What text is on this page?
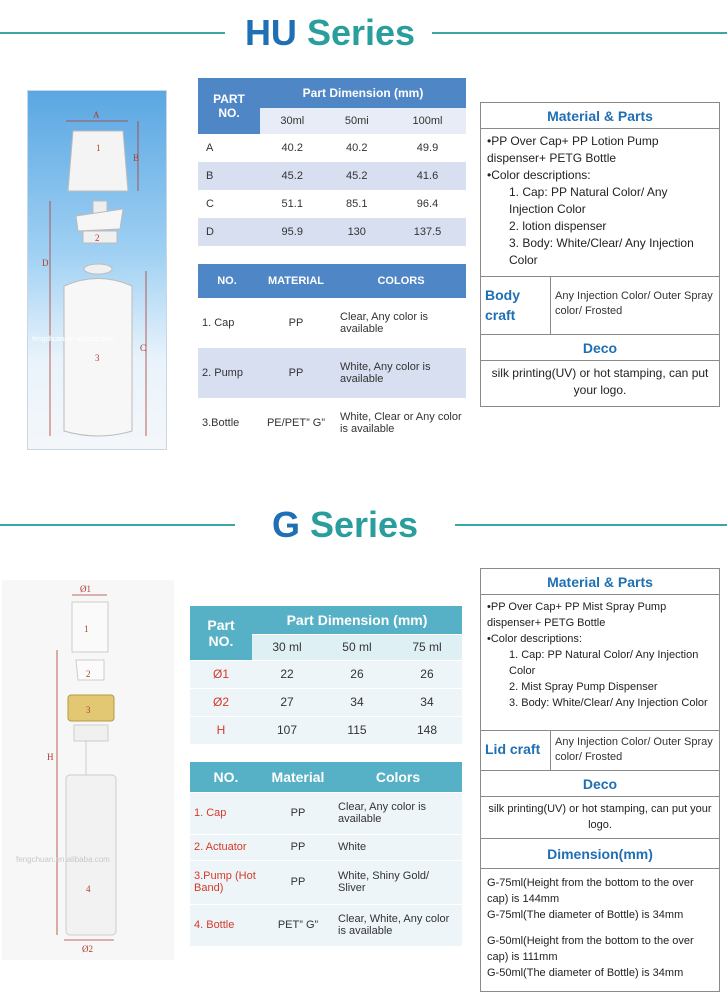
HU Series
1
2
3
A
B
C
D
fengchuan.en.alibaba.com
PART NO.	Part Dimension (mm)		
	30ml	50mi	100ml
A	40.2	40.2	49.9
B	45.2	45.2	41.6
C	51.1	85.1	96.4
D	95.9	130	137.5
NO.	MATERIAL	COLORS
1. Cap	PP	Clear, Any color is available
2. Pump	PP	White, Any color is available
3.Bottle	PE/PET” G”	White, Clear or Any color is available
Material & Parts
•PP Over Cap+ PP Lotion Pump dispenser+ PETG Bottle
•Color descriptions:
1. Cap: PP Natural Color/ Any Injection Color
2. lotion dispenser
3. Body: White/Clear/ Any Injection Color
Body craft
Any Injection Color/ Outer Spray color/ Frosted
Deco
silk printing(UV) or hot stamping, can put your logo.
G Series
1
2
3
4
Ø1
Ø2
H
fengchuan.en.alibaba.com
Part NO.	Part Dimension (mm)		
	30 ml	50 ml	75 ml
Ø1	22	26	26
Ø2	27	34	34
H	107	115	148
NO.	Material	Colors
1. Cap	PP	Clear, Any color is available
2. Actuator	PP	White
3.Pump (Hot Band)	PP	White, Shiny Gold/ Sliver
4. Bottle	PET” G”	Clear, White, Any color is available
Material & Parts
•PP Over Cap+ PP Mist Spray Pump dispenser+ PETG Bottle
•Color descriptions:
1. Cap: PP Natural Color/ Any Injection Color
2. Mist Spray Pump Dispenser
3. Body: White/Clear/ Any Injection Color
Lid craft	Any Injection Color/ Outer Spray color/ Frosted
Deco
silk printing(UV) or hot stamping, can put your logo.
Dimension(mm)
G-75ml(Height from the bottom to the over cap) is 144mm
G-75ml(The diameter of Bottle) is 34mm
G-50ml(Height from the bottom to the over cap) is 111mm
G-50ml(The diameter of Bottle) is 34mm
